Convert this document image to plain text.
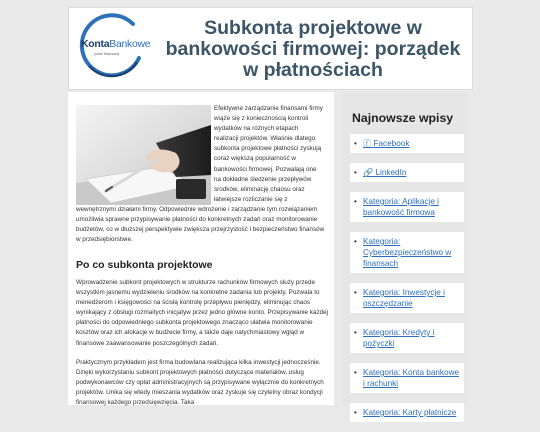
KontaBankowe
portal finansowy
Subkonta projektowe w bankowości firmowej: porządek w płatnościach
Efektywne zarządzanie finansami firmy wiąże się z koniecznością kontroli wydatków na różnych etapach realizacji projektów. Właśnie dlatego subkonta projektowe płatności zyskują coraz większą popularność w bankowości firmowej. Pozwalają one na dokładne śledzenie przepływów środków, eliminację chaosu oraz łatwiejsze rozliczanie się z
wewnętrznymi działami firmy. Odpowiednie wdrożenie i zarządzanie tym rozwiązaniem umożliwia sprawne przypisywanie płatności do konkretnych zadań oraz monitorowanie budżetów, co w dłuższej perspektywie zwiększa przejrzystość i bezpieczeństwo finansów w przedsiębiorstwie.
Po co subkonta projektowe

Wprowadzenie subkont projektowych w strukturze rachunków firmowych służy przede wszystkim jasnemu wydzieleniu środków na konkretne zadania lub projekty. Pozwala to menedżerom i księgowości na ścisłą kontrolę przepływu pieniędzy, eliminując chaos wynikający z obsługi rozmaitych inicjatyw przez jedno główne konto. Przepisywanie każdej płatności do odpowiedniego subkonta projektowego znacząco ułatwia monitorowanie kosztów oraz ich alokacje w budżecie firmy, a także daje natychmiastowy wgląd w finansowe zaawansowanie poszczególnych zadań.

Praktycznym przykładem jest firma budowlana realizująca kilka inwestycji jednocześnie. Dzięki wykorzystaniu subkont projektowych płatności dotyczące materiałów, usług podwykonawców czy opłat administracyjnych są przypisywane wyłącznie do konkretnych projektów. Unika się wtedy mieszania wydatków oraz zyskuje się czytelny obraz kondycji finansowej każdego przedsięwzięcia. Taka

Najnowsze wpisy
• ⓕ Facebook
• 🔗 LinkedIn
• Kategoria: Aplikacje i bankowość firmowa
• Kategoria: Cyberbezpieczeństwo w finansach
• Kategoria: Inwestycje i oszczędzanie
• Kategoria: Kredyty i pożyczki
• Kategoria: Konta bankowe i rachunki
• Kategoria: Karty płatnicze
